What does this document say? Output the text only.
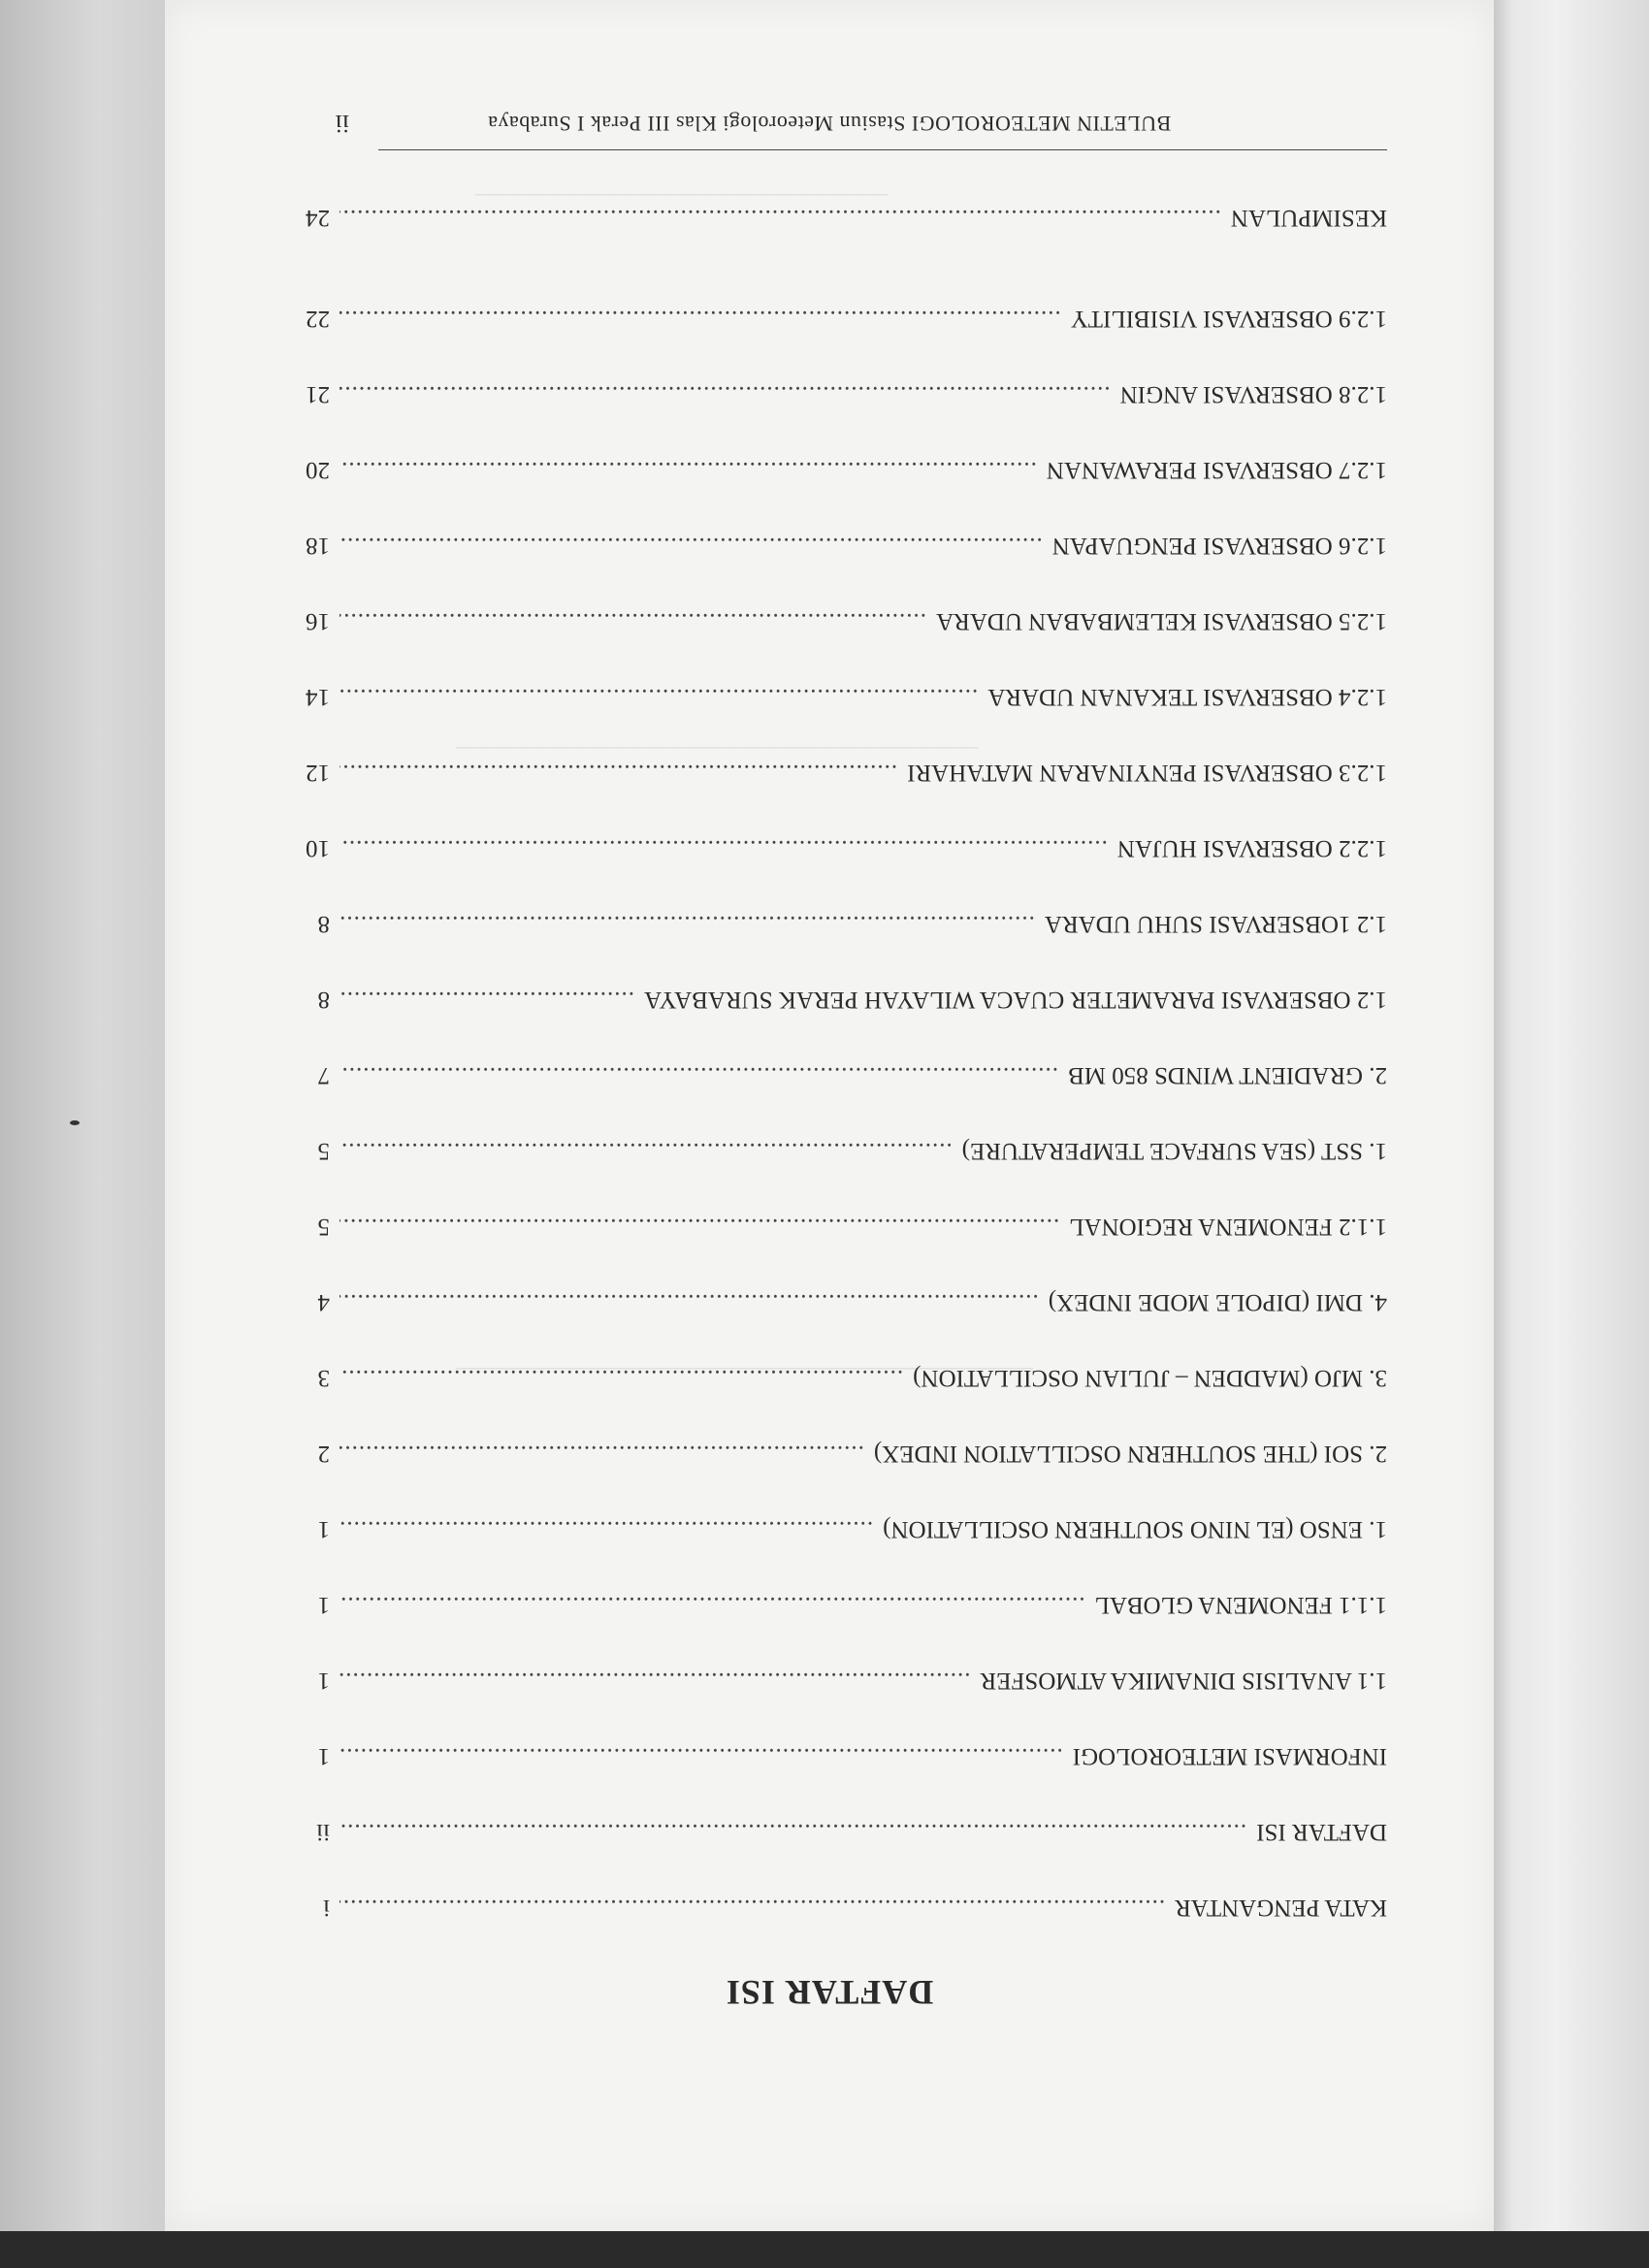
──────────────────────────────
──────────────────────────────────────
──────────────────────────────────────────
DAFTAR ISI
KATA PENGANTAR
.....
i
DAFTAR ISI
.....
ii
INFORMASI METEOROLOGI
.....
1
1.1 ANALISIS DINAMIKA ATMOSFER
.....
1
1.1.1 FENOMENA GLOBAL
.....
1
1. ENSO (EL NINO SOUTHERN OSCILLATION)
.....
1
2. SOI (THE SOUTHERN OSCILLATION INDEX)
.....
2
3. MJO (MADDEN – JULIAN OSCILLATION)
.....
3
4. DMI (DIPOLE MODE INDEX)
.....
4
1.1.2 FENOMENA REGIONAL
.....
5
1. SST (SEA SURFACE TEMPERATURE)
.....
5
2. GRADIENT WINDS 850 MB
.....
7
1.2 OBSERVASI PARAMETER CUACA WILAYAH PERAK SURABAYA
.....
8
1.2 1OBSERVASI SUHU UDARA
.....
8
1.2.2 OBSERVASI HUJAN
.....
10
1.2.3 OBSERVASI PENYINARAN MATAHARI
.....
12
1.2.4 OBSERVASI TEKANAN UDARA
.....
14
1.2.5 OBSERVASI KELEMBABAN UDARA
.....
16
1.2.6 OBSERVASI PENGUAPAN
.....
18
1.2.7 OBSERVASI PERAWANAN
.....
20
1.2.8 OBSERVASI ANGIN
.....
21
1.2.9 OBSERVASI VISIBILITY
.....
22
KESIMPULAN
.....
24
BULETIN METEOROLOGI Stasiun Meteorologi Klas III Perak I Surabaya
ii
